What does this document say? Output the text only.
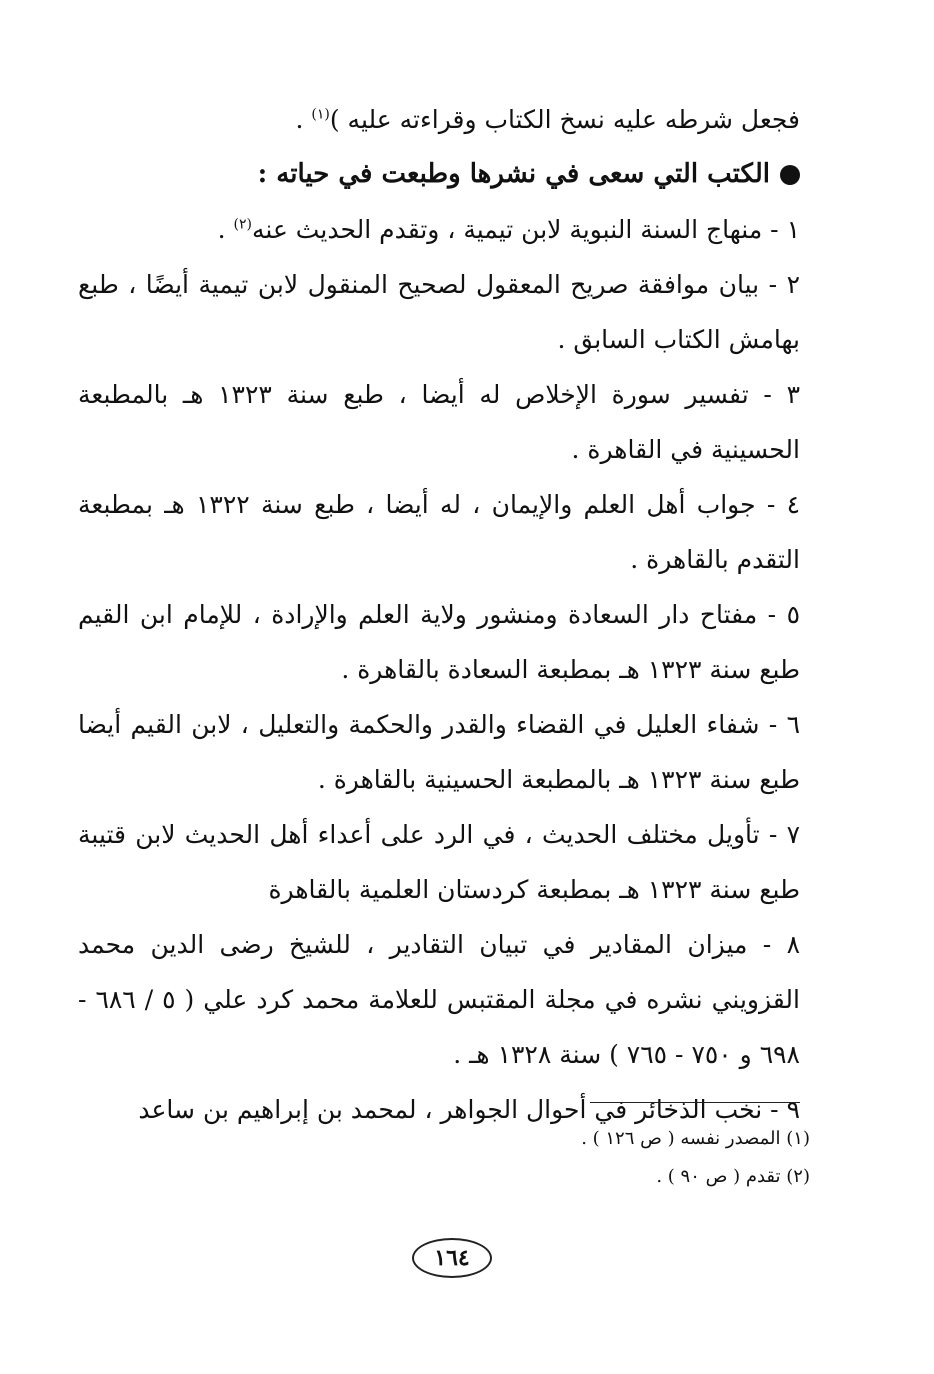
فجعل شرطه عليه نسخ الكتاب وقراءته عليه )$^{(١)}$ .

الكتب التي سعى في نشرها وطبعت في حياته :

١ - منهاج السنة النبوية لابن تيمية ، وتقدم الحديث عنه$^{(٢)}$ .

٢ - بيان موافقة صريح المعقول لصحيح المنقول لابن تيمية أيضًا ، طبع بهامش الكتاب السابق .

٣ - تفسير سورة الإخلاص له أيضا ، طبع سنة ١٣٢٣ هـ بالمطبعة الحسينية في القاهرة .

٤ - جواب أهل العلم والإيمان ، له أيضا ، طبع سنة ١٣٢٢ هـ بمطبعة التقدم بالقاهرة .

٥ - مفتاح دار السعادة ومنشور ولاية العلم والإرادة ، للإمام ابن القيم طبع سنة ١٣٢٣ هـ بمطبعة السعادة بالقاهرة .

٦ - شفاء العليل في القضاء والقدر والحكمة والتعليل ، لابن القيم أيضا طبع سنة ١٣٢٣ هـ بالمطبعة الحسينية بالقاهرة .

٧ - تأويل مختلف الحديث ، في الرد على أعداء أهل الحديث لابن قتيبة طبع سنة ١٣٢٣ هـ بمطبعة كردستان العلمية بالقاهرة

٨ - ميزان المقادير في تبيان التقادير ، للشيخ رضى الدين محمد القزويني نشره في مجلة المقتبس للعلامة محمد كرد علي ( ٥ / ٦٨٦ - ٦٩٨ و ٧٥٠ - ٧٦٥ ) سنة ١٣٢٨ هـ .

٩ - نخب الذخائر في أحوال الجواهر ، لمحمد بن إبراهيم بن ساعد

(١) المصدر نفسه ( ص ١٢٦ ) .

(٢) تقدم ( ص ٩٠ ) .

١٦٤
